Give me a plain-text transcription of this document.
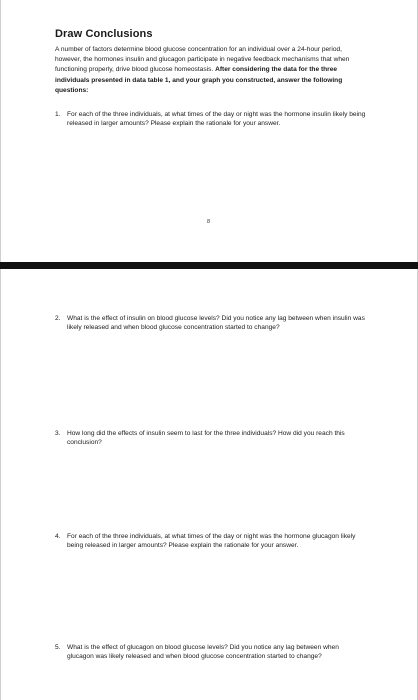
Draw Conclusions
A number of factors determine blood glucose concentration for an individual over a 24-hour period, however, the hormones insulin and glucagon participate in negative feedback mechanisms that when functioning properly, drive blood glucose homeostasis. After considering the data for the three individuals presented in data table 1, and your graph you constructed, answer the following questions:
1. For each of the three individuals, at what times of the day or night was the hormone insulin likely being released in larger amounts? Please explain the rationale for your answer.
8
2. What is the effect of insulin on blood glucose levels? Did you notice any lag between when insulin was likely released and when blood glucose concentration started to change?
3. How long did the effects of insulin seem to last for the three individuals? How did you reach this conclusion?
4. For each of the three individuals, at what times of the day or night was the hormone glucagon likely being released in larger amounts? Please explain the rationale for your answer.
5. What is the effect of glucagon on blood glucose levels? Did you notice any lag between when glucagon was likely released and when blood glucose concentration started to change?
